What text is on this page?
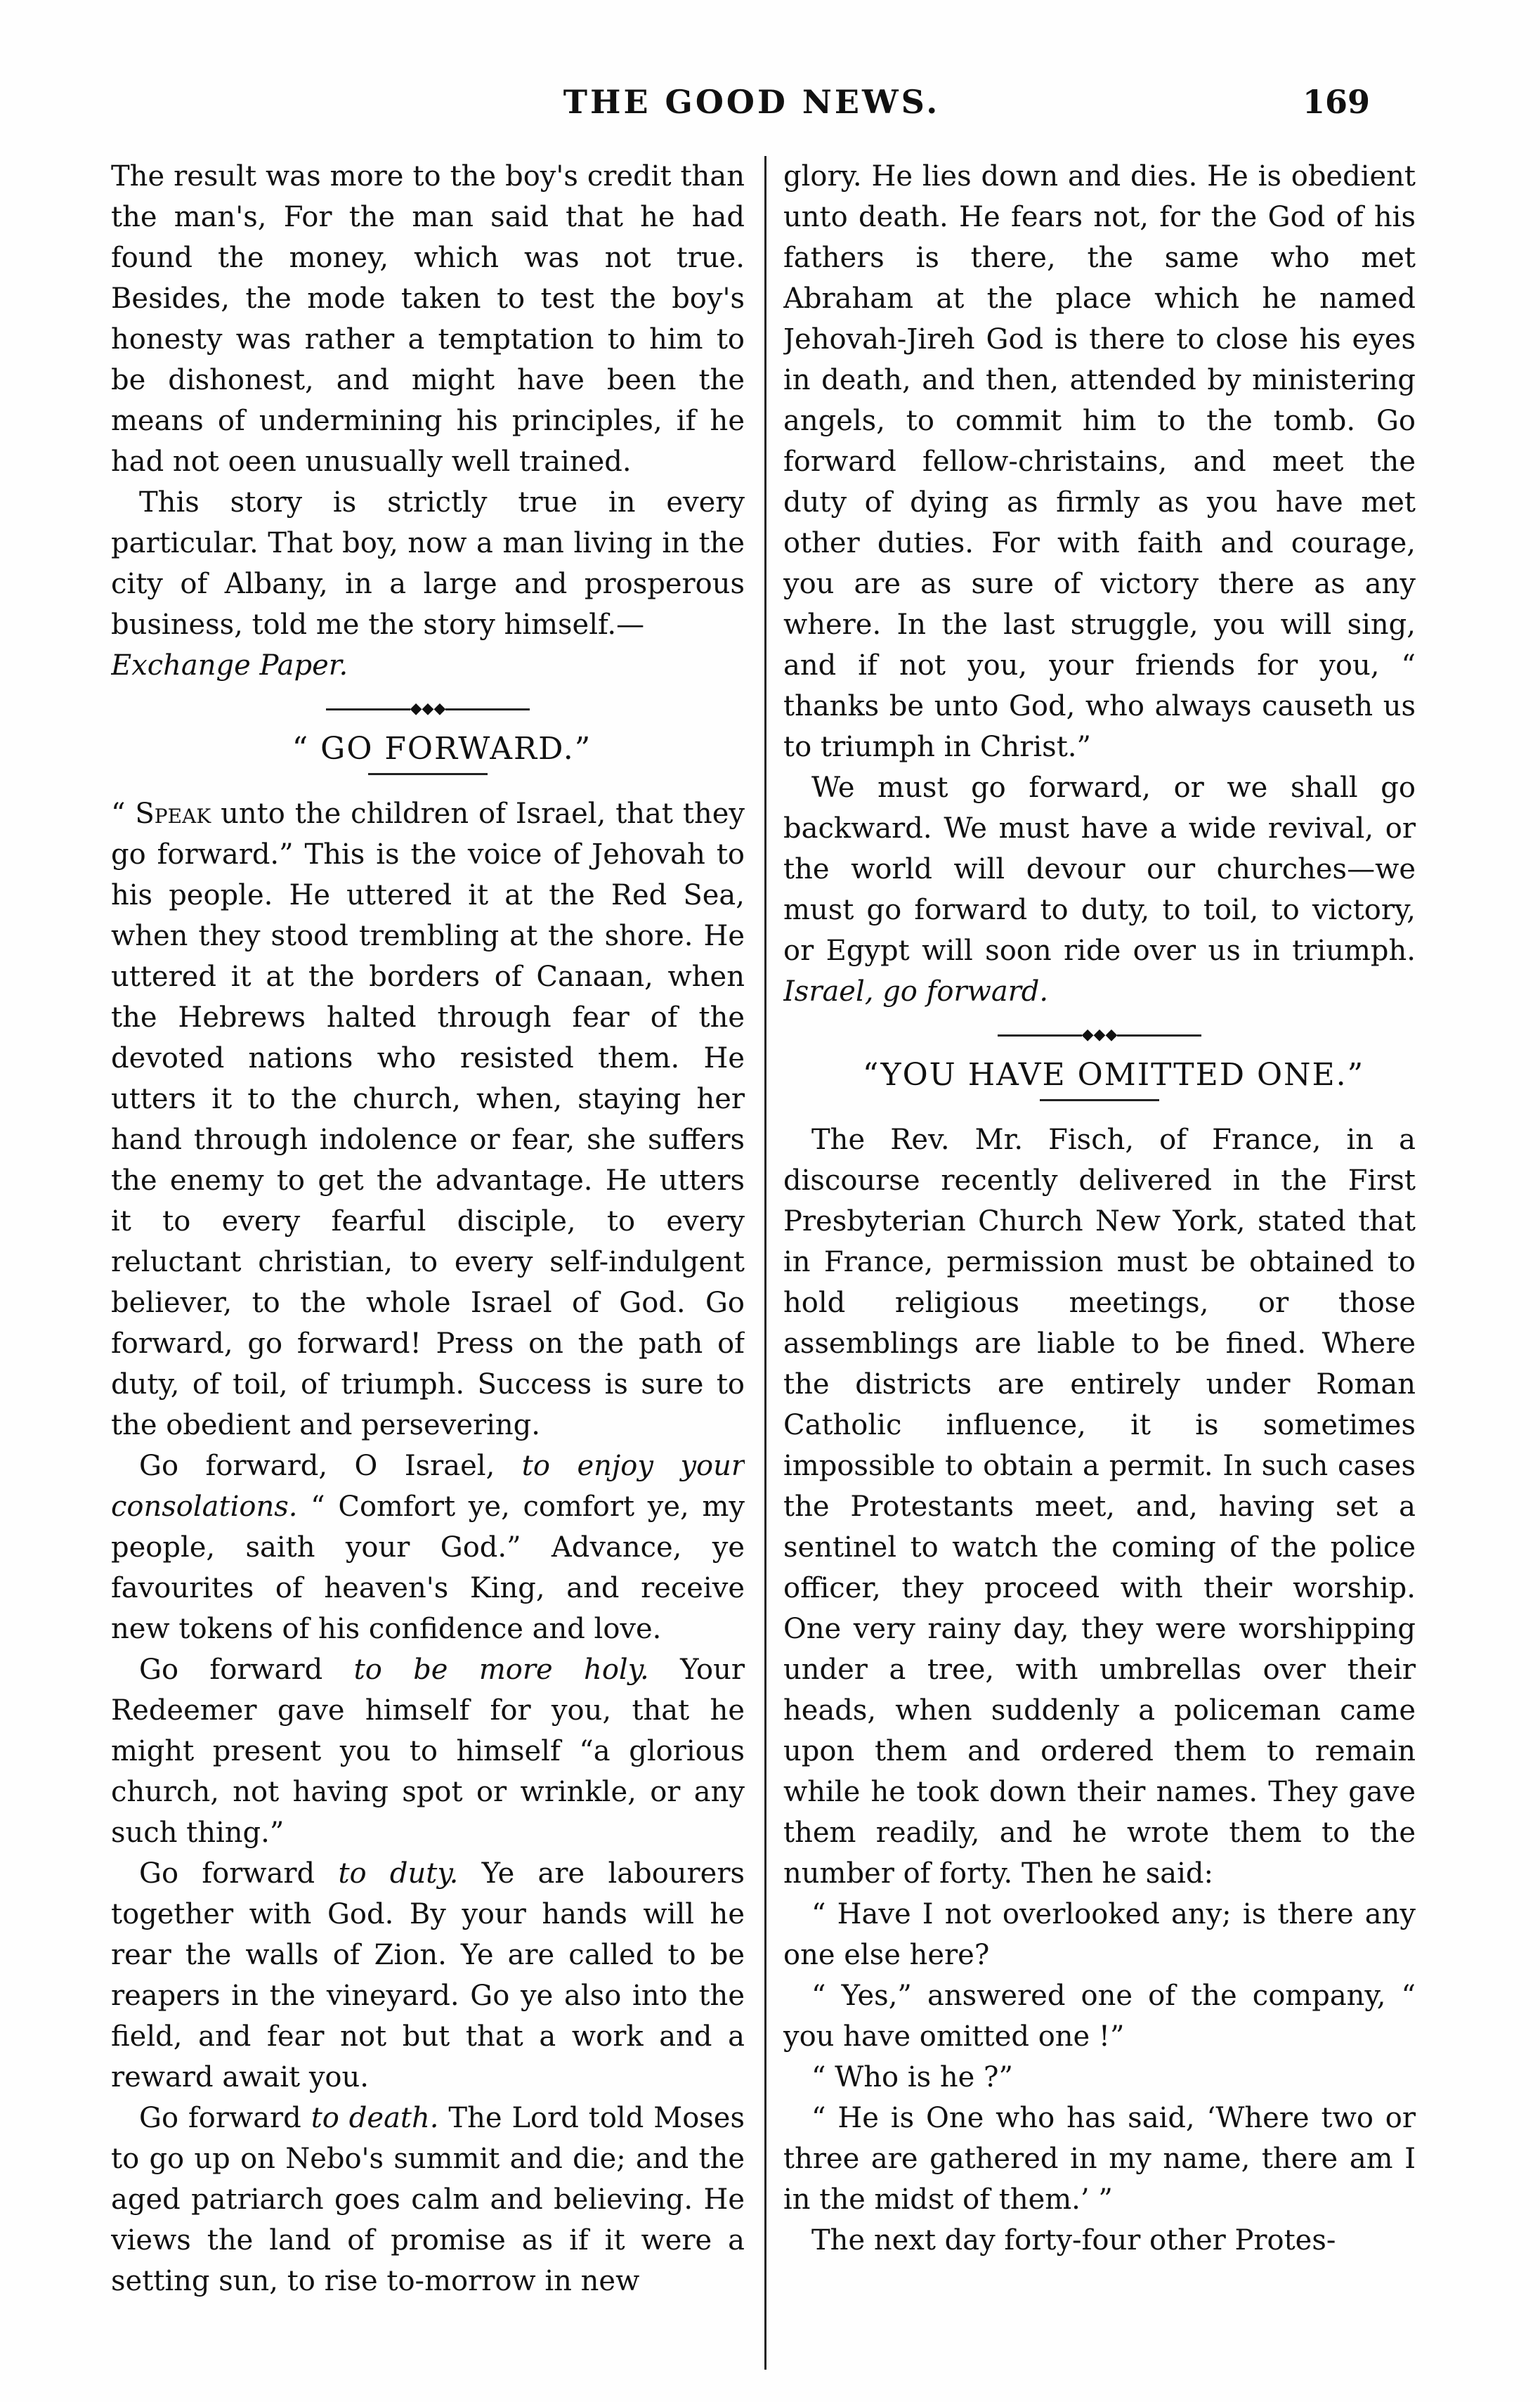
THE GOOD NEWS.	169

The result was more to the boy's credit than the man's, For the man said that he had found the money, which was not true. Besides, the mode taken to test the boy's honesty was rather a temptation to him to be dishonest, and might have been the means of undermining his principles, if he had not oeen unusually well trained.

This story is strictly true in every particular. That boy, now a man living in the city of Albany, in a large and prosperous business, told me the story himself.—
Exchange Paper.

◆◆◆

“ GO FORWARD.”

“ Speak unto the children of Israel, that they go forward.” This is the voice of Jehovah to his people. He uttered it at the Red Sea, when they stood trembling at the shore. He uttered it at the borders of Canaan, when the Hebrews halted through fear of the devoted nations who resisted them. He utters it to the church, when, staying her hand through indolence or fear, she suffers the enemy to get the advantage. He utters it to every fearful disciple, to every reluctant christian, to every self-indulgent believer, to the whole Israel of God. Go forward, go forward! Press on the path of duty, of toil, of triumph. Success is sure to the obedient and persevering.

Go forward, O Israel, to enjoy your consolations. “ Comfort ye, comfort ye, my people, saith your God.” Advance, ye favourites of heaven's King, and receive new tokens of his confidence and love.

Go forward to be more holy. Your Redeemer gave himself for you, that he might present you to himself “a glorious church, not having spot or wrinkle, or any such thing.”

Go forward to duty. Ye are labourers together with God. By your hands will he rear the walls of Zion. Ye are called to be reapers in the vineyard. Go ye also into the field, and fear not but that a work and a reward await you.

Go forward to death. The Lord told Moses to go up on Nebo's summit and die; and the aged patriarch goes calm and believing. He views the land of promise as if it were a setting sun, to rise to-morrow in new

glory. He lies down and dies. He is obedient unto death. He fears not, for the God of his fathers is there, the same who met Abraham at the place which he named Jehovah-Jireh God is there to close his eyes in death, and then, attended by ministering angels, to commit him to the tomb. Go forward fellow-christains, and meet the duty of dying as firmly as you have met other duties. For with faith and courage, you are as sure of victory there as any where. In the last struggle, you will sing, and if not you, your friends for you, “ thanks be unto God, who always causeth us to triumph in Christ.”

We must go forward, or we shall go backward. We must have a wide revival, or the world will devour our churches—we must go forward to duty, to toil, to victory, or Egypt will soon ride over us in triumph. Israel, go forward.

◆◆◆

“YOU HAVE OMITTED ONE.”

The Rev. Mr. Fisch, of France, in a discourse recently delivered in the First Presbyterian Church New York, stated that in France, permission must be obtained to hold religious meetings, or those assemblings are liable to be fined. Where the districts are entirely under Roman Catholic influence, it is sometimes impossible to obtain a permit. In such cases the Protestants meet, and, having set a sentinel to watch the coming of the police officer, they proceed with their worship. One very rainy day, they were worshipping under a tree, with umbrellas over their heads, when suddenly a policeman came upon them and ordered them to remain while he took down their names. They gave them readily, and he wrote them to the number of forty. Then he said:

“ Have I not overlooked any; is there any one else here?

“ Yes,” answered one of the company, “ you have omitted one !”

“ Who is he ?”

“ He is One who has said, ‘Where two or three are gathered in my name, there am I in the midst of them.’ ”

The next day forty-four other Protes-
